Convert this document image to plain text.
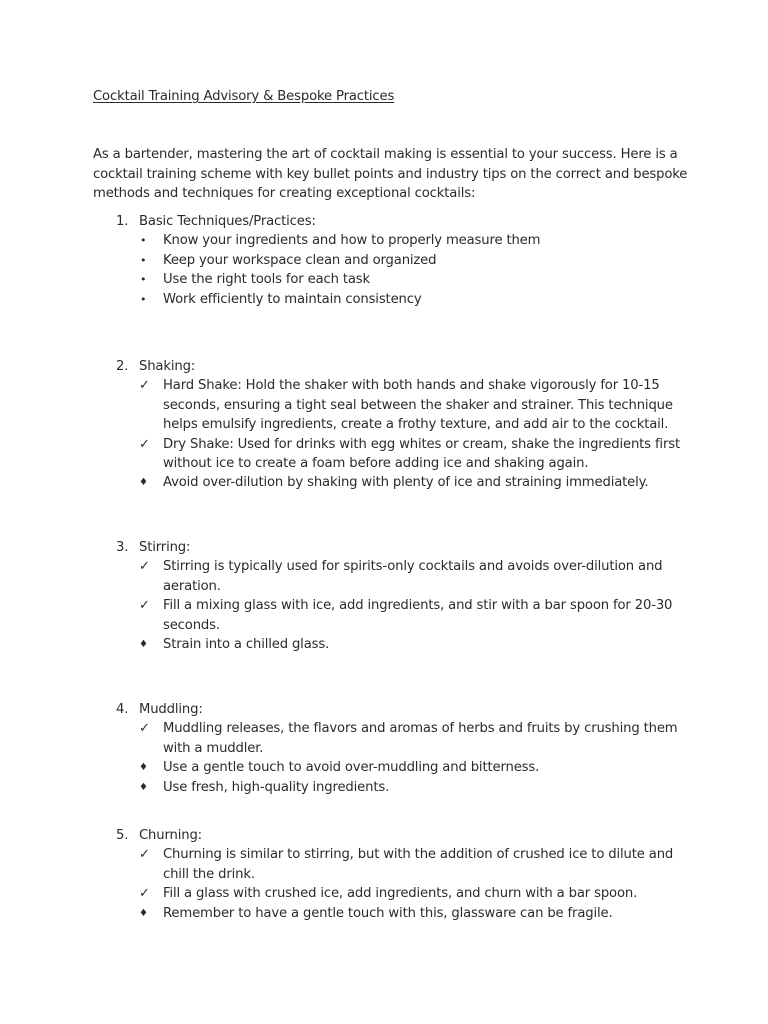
Cocktail Training Advisory & Bespoke Practices
As a bartender, mastering the art of cocktail making is essential to your success. Here is a
cocktail training scheme with key bullet points and industry tips on the correct and bespoke
methods and techniques for creating exceptional cocktails:
1. Basic Techniques/Practices:
•	Know your ingredients and how to properly measure them
•	Keep your workspace clean and organized
•	Use the right tools for each task
•	Work efficiently to maintain consistency
2. Shaking:
✓ Hard Shake: Hold the shaker with both hands and shake vigorously for 10-15
seconds, ensuring a tight seal between the shaker and strainer. This technique
helps emulsify ingredients, create a frothy texture, and add air to the cocktail.
✓ Dry Shake: Used for drinks with egg whites or cream, shake the ingredients first
without ice to create a foam before adding ice and shaking again.
♦	Avoid over-dilution by shaking with plenty of ice and straining immediately.
3. Stirring:
✓ Stirring is typically used for spirits-only cocktails and avoids over-dilution and
aeration.
✓ Fill a mixing glass with ice, add ingredients, and stir with a bar spoon for 20-30
seconds.
♦	Strain into a chilled glass.
4. Muddling:
✓ Muddling releases, the flavors and aromas of herbs and fruits by crushing them
with a muddler.
♦	Use a gentle touch to avoid over-muddling and bitterness.
♦	Use fresh, high-quality ingredients.
5. Churning:
✓ Churning is similar to stirring, but with the addition of crushed ice to dilute and
chill the drink.
✓ Fill a glass with crushed ice, add ingredients, and churn with a bar spoon.
♦	Remember to have a gentle touch with this, glassware can be fragile.
